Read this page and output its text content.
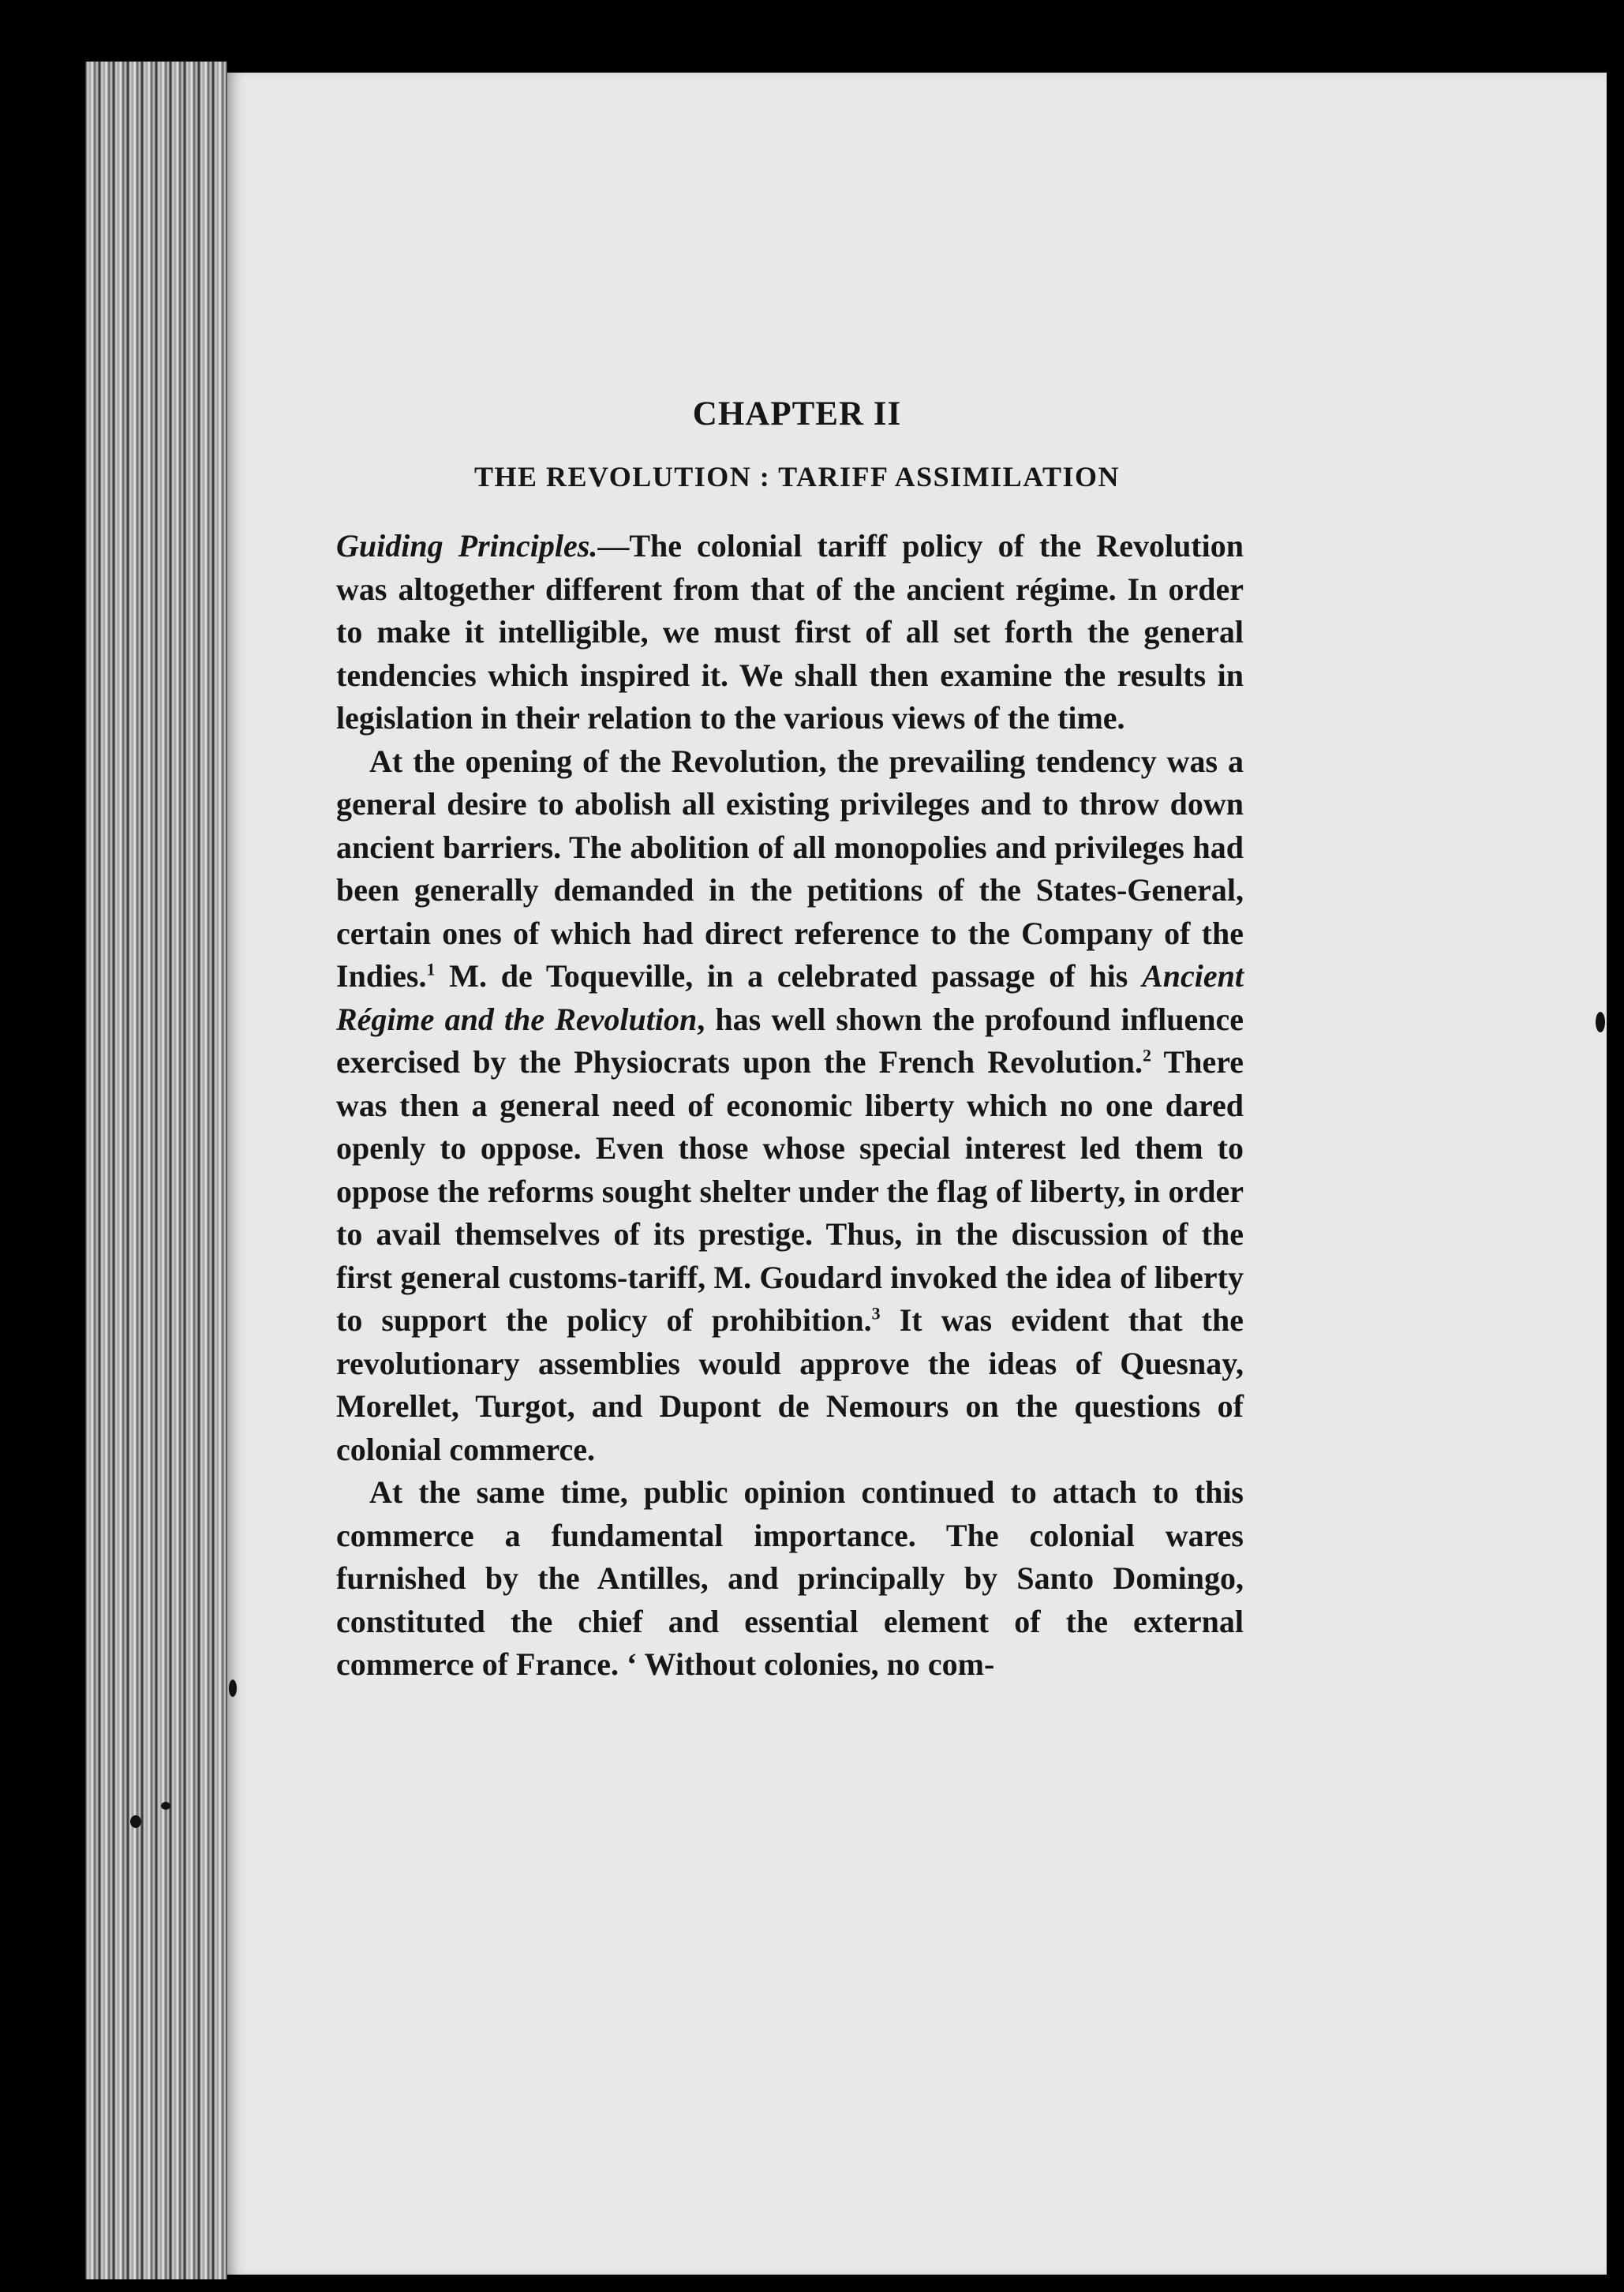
CHAPTER II
THE REVOLUTION : TARIFF ASSIMILATION

Guiding Principles.—The colonial tariff policy of the Revolution was altogether different from that of the ancient régime. In order to make it intelligible, we must first of all set forth the general tendencies which inspired it. We shall then examine the results in legislation in their relation to the various views of the time.

At the opening of the Revolution, the prevailing tendency was a general desire to abolish all existing privileges and to throw down ancient barriers. The abolition of all monopolies and privileges had been generally demanded in the petitions of the States-General, certain ones of which had direct reference to the Company of the Indies.$^1$ M. de Toqueville, in a celebrated passage of his Ancient Régime and the Revolution, has well shown the profound influence exercised by the Physiocrats upon the French Revolution.$^2$ There was then a general need of economic liberty which no one dared openly to oppose. Even those whose special interest led them to oppose the reforms sought shelter under the flag of liberty, in order to avail themselves of its prestige. Thus, in the discussion of the first general customs-tariff, M. Goudard invoked the idea of liberty to support the policy of prohibition.$^3$ It was evident that the revolutionary assemblies would approve the ideas of Quesnay, Morellet, Turgot, and Dupont de Nemours on the questions of colonial commerce.

At the same time, public opinion continued to attach to this commerce a fundamental importance. The colonial wares furnished by the Antilles, and principally by Santo Domingo, constituted the chief and essential element of the external commerce of France. ‘ Without colonies, no com-
